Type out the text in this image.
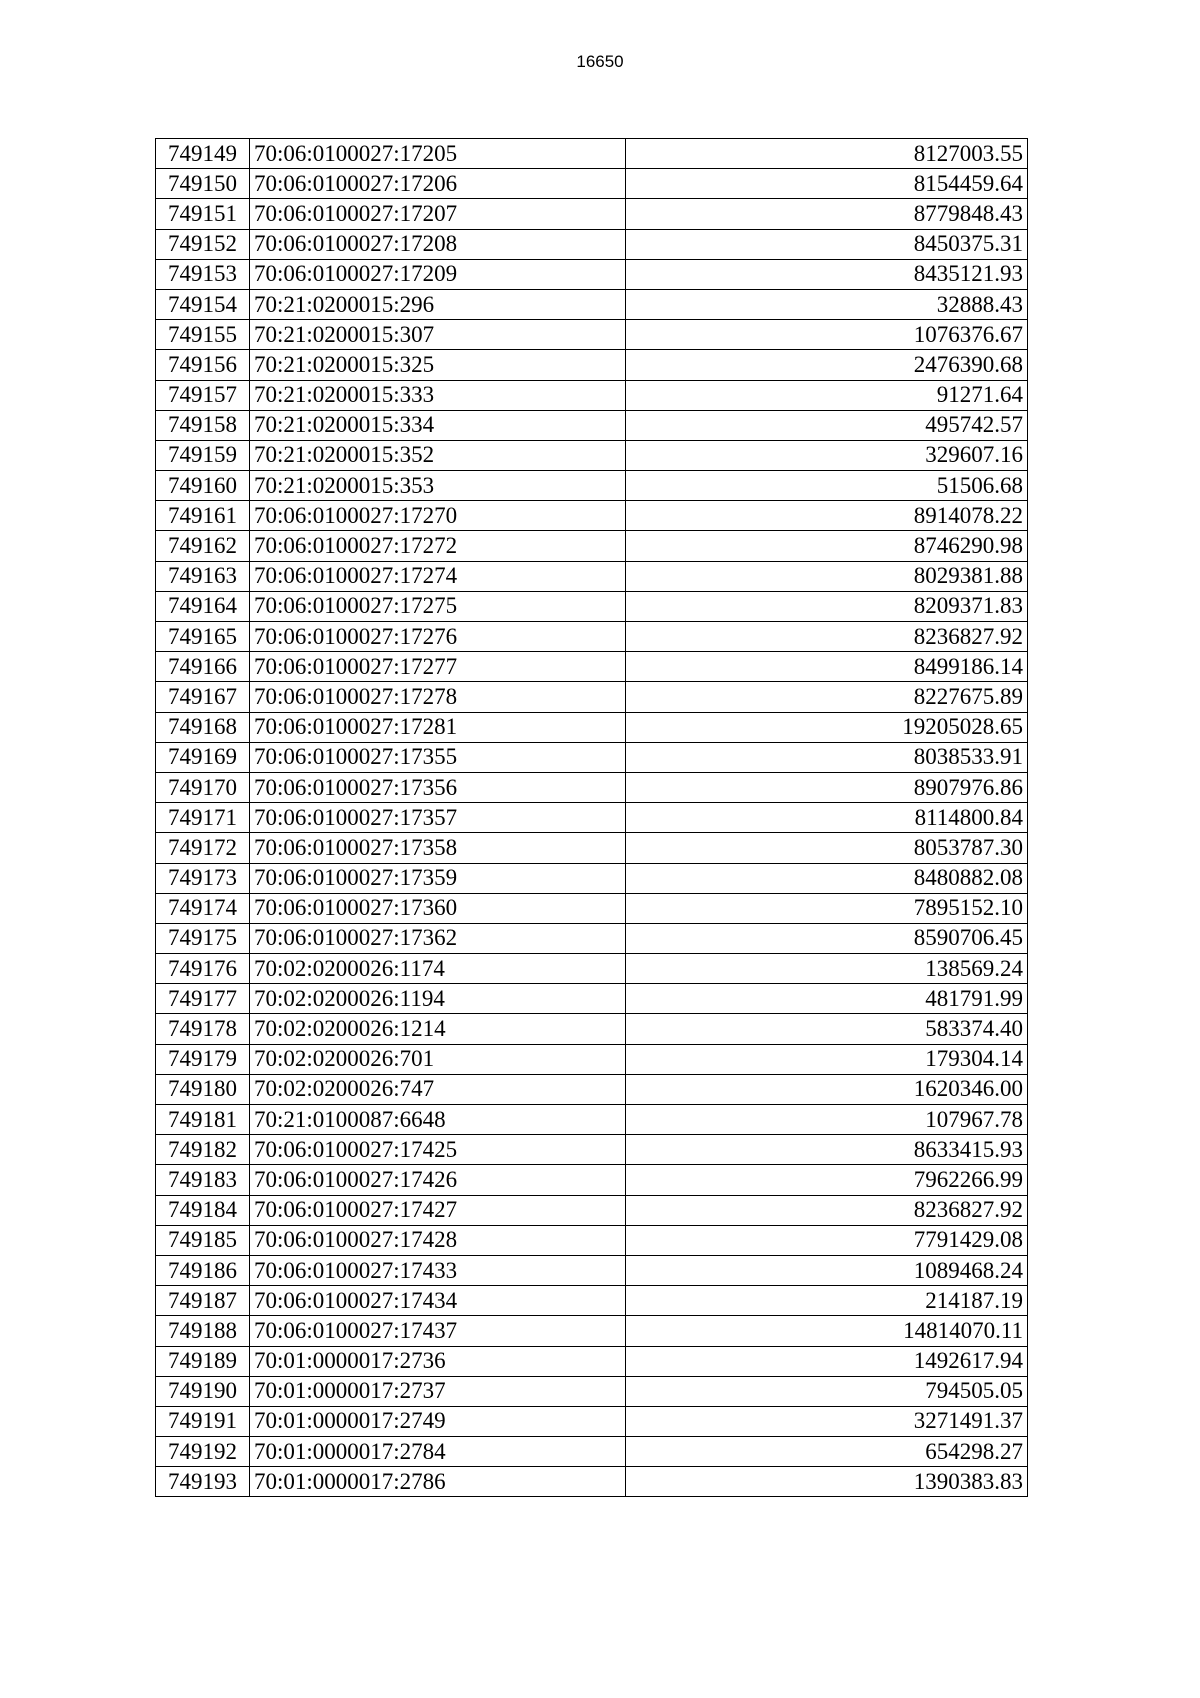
16650
749149	70:06:0100027:17205	8127003.55
749150	70:06:0100027:17206	8154459.64
749151	70:06:0100027:17207	8779848.43
749152	70:06:0100027:17208	8450375.31
749153	70:06:0100027:17209	8435121.93
749154	70:21:0200015:296	32888.43
749155	70:21:0200015:307	1076376.67
749156	70:21:0200015:325	2476390.68
749157	70:21:0200015:333	91271.64
749158	70:21:0200015:334	495742.57
749159	70:21:0200015:352	329607.16
749160	70:21:0200015:353	51506.68
749161	70:06:0100027:17270	8914078.22
749162	70:06:0100027:17272	8746290.98
749163	70:06:0100027:17274	8029381.88
749164	70:06:0100027:17275	8209371.83
749165	70:06:0100027:17276	8236827.92
749166	70:06:0100027:17277	8499186.14
749167	70:06:0100027:17278	8227675.89
749168	70:06:0100027:17281	19205028.65
749169	70:06:0100027:17355	8038533.91
749170	70:06:0100027:17356	8907976.86
749171	70:06:0100027:17357	8114800.84
749172	70:06:0100027:17358	8053787.30
749173	70:06:0100027:17359	8480882.08
749174	70:06:0100027:17360	7895152.10
749175	70:06:0100027:17362	8590706.45
749176	70:02:0200026:1174	138569.24
749177	70:02:0200026:1194	481791.99
749178	70:02:0200026:1214	583374.40
749179	70:02:0200026:701	179304.14
749180	70:02:0200026:747	1620346.00
749181	70:21:0100087:6648	107967.78
749182	70:06:0100027:17425	8633415.93
749183	70:06:0100027:17426	7962266.99
749184	70:06:0100027:17427	8236827.92
749185	70:06:0100027:17428	7791429.08
749186	70:06:0100027:17433	1089468.24
749187	70:06:0100027:17434	214187.19
749188	70:06:0100027:17437	14814070.11
749189	70:01:0000017:2736	1492617.94
749190	70:01:0000017:2737	794505.05
749191	70:01:0000017:2749	3271491.37
749192	70:01:0000017:2784	654298.27
749193	70:01:0000017:2786	1390383.83
